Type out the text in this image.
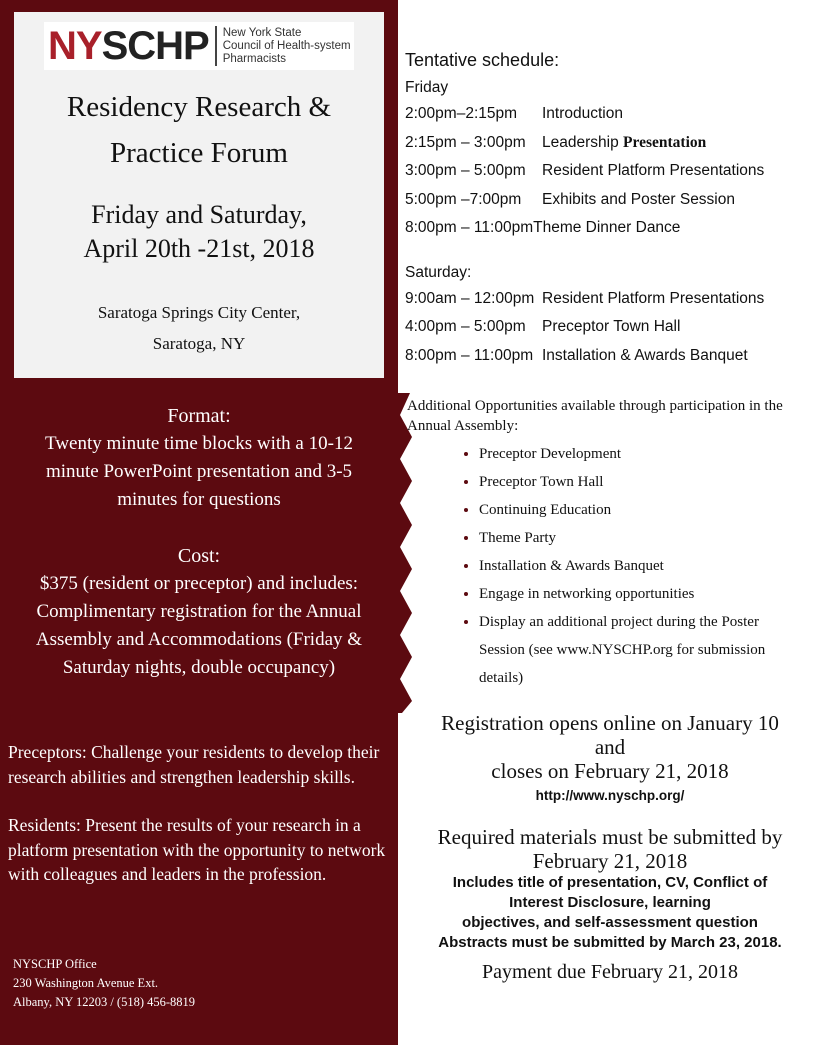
NYSCHP New York State
Council of Health-system
Pharmacists
Residency Research &
Practice Forum
Friday and Saturday,
April 20th -21st, 2018
Saratoga Springs City Center,
Saratoga, NY
Format:
Twenty minute time blocks with a 10-12 minute PowerPoint presentation and 3-5 minutes for questions
Cost:
$375 (resident or preceptor) and includes: Complimentary registration for the Annual Assembly and Accommodations (Friday & Saturday nights, double occupancy)

Preceptors: Challenge your residents to develop their research abilities and strengthen leadership skills.

Residents: Present the results of your research in a platform presentation with the opportunity to network with colleagues and leaders in the profession.

NYSCHP Office
230 Washington Avenue Ext.
Albany, NY 12203 / (518) 456-8819
Tentative schedule:
Friday
2:00pm–2:15pm	Introduction
2:15pm – 3:00pm	Leadership Presentation
3:00pm – 5:00pm	Resident Platform Presentations
5:00pm –7:00pm	Exhibits and Poster Session
8:00pm – 11:00pm Theme Dinner Dance
Saturday:
9:00am – 12:00pm Resident Platform Presentations
4:00pm – 5:00pm	Preceptor Town Hall
8:00pm – 11:00pm Installation & Awards Banquet
Additional Opportunities available through participation in the Annual Assembly:
• Preceptor Development
• Preceptor Town Hall
• Continuing Education
• Theme Party
• Installation & Awards Banquet
• Engage in networking opportunities
• Display an additional project during the Poster Session (see www.NYSCHP.org for submission details)
Registration opens online on January 10
and
closes on February 21, 2018
http://www.nyschp.org/
Required materials must be submitted by
February 21, 2018
Includes title of presentation, CV, Conflict of Interest Disclosure, learning
objectives, and self-assessment question
Abstracts must be submitted by March 23, 2018.
Payment due February 21, 2018
